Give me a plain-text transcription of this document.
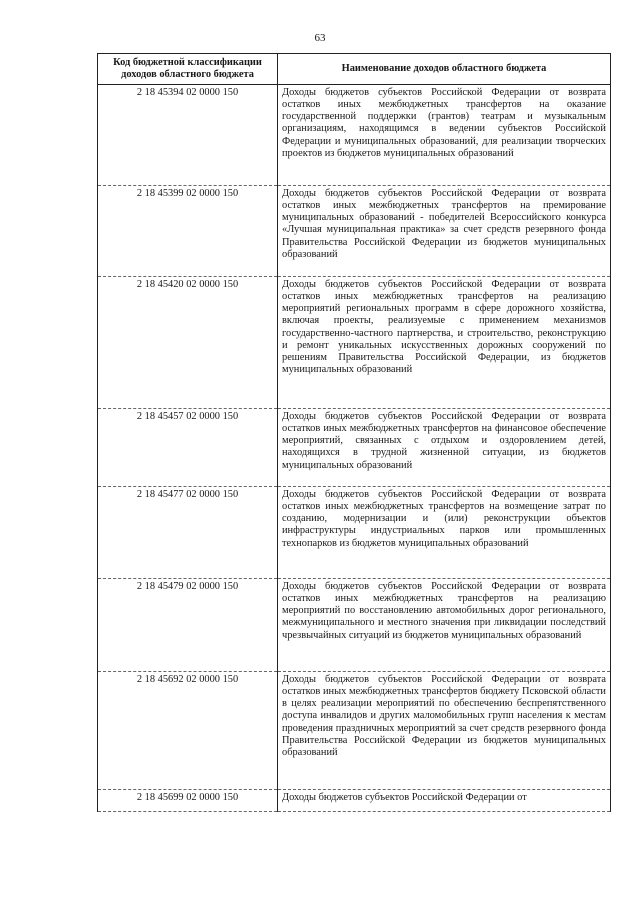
63
Код бюджетной классификации доходов областного бюджета	Наименование доходов областного бюджета
2 18 45394 02 0000 150	Доходы бюджетов субъектов Российской Федерации от возврата остатков иных межбюджетных трансфертов на оказание государственной поддержки (грантов) театрам и музыкальным организациям, находящимся в ведении субъектов Российской Федерации и муниципальных образований, для реализации творческих проектов из бюджетов муниципальных образований
2 18 45399 02 0000 150	Доходы бюджетов субъектов Российской Федерации от возврата остатков иных межбюджетных трансфертов на премирование муниципальных образований - победителей Всероссийского конкурса «Лучшая муниципальная практика» за счет средств резервного фонда Правительства Российской Федерации из бюджетов муниципальных образований
2 18 45420 02 0000 150	Доходы бюджетов субъектов Российской Федерации от возврата остатков иных межбюджетных трансфертов на реализацию мероприятий региональных программ в сфере дорожного хозяйства, включая проекты, реализуемые с применением механизмов государственно-частного партнерства, и строительство, реконструкцию и ремонт уникальных искусственных дорожных сооружений по решениям Правительства Российской Федерации, из бюджетов муниципальных образований
2 18 45457 02 0000 150	Доходы бюджетов субъектов Российской Федерации от возврата остатков иных межбюджетных трансфертов на финансовое обеспечение мероприятий, связанных с отдыхом и оздоровлением детей, находящихся в трудной жизненной ситуации, из бюджетов муниципальных образований
2 18 45477 02 0000 150	Доходы бюджетов субъектов Российской Федерации от возврата остатков иных межбюджетных трансфертов на возмещение затрат по созданию, модернизации и (или) реконструкции объектов инфраструктуры индустриальных парков или промышленных технопарков из бюджетов муниципальных образований
2 18 45479 02 0000 150	Доходы бюджетов субъектов Российской Федерации от возврата остатков иных межбюджетных трансфертов на реализацию мероприятий по восстановлению автомобильных дорог регионального, межмуниципального и местного значения при ликвидации последствий чрезвычайных ситуаций из бюджетов муниципальных образований
2 18 45692 02 0000 150	Доходы бюджетов субъектов Российской Федерации от возврата остатков иных межбюджетных трансфертов бюджету Псковской области в целях реализации мероприятий по обеспечению беспрепятственного доступа инвалидов и других маломобильных групп населения к местам проведения праздничных мероприятий за счет средств резервного фонда Правительства Российской Федерации из бюджетов муниципальных образований
2 18 45699 02 0000 150	Доходы бюджетов субъектов Российской Федерации от
